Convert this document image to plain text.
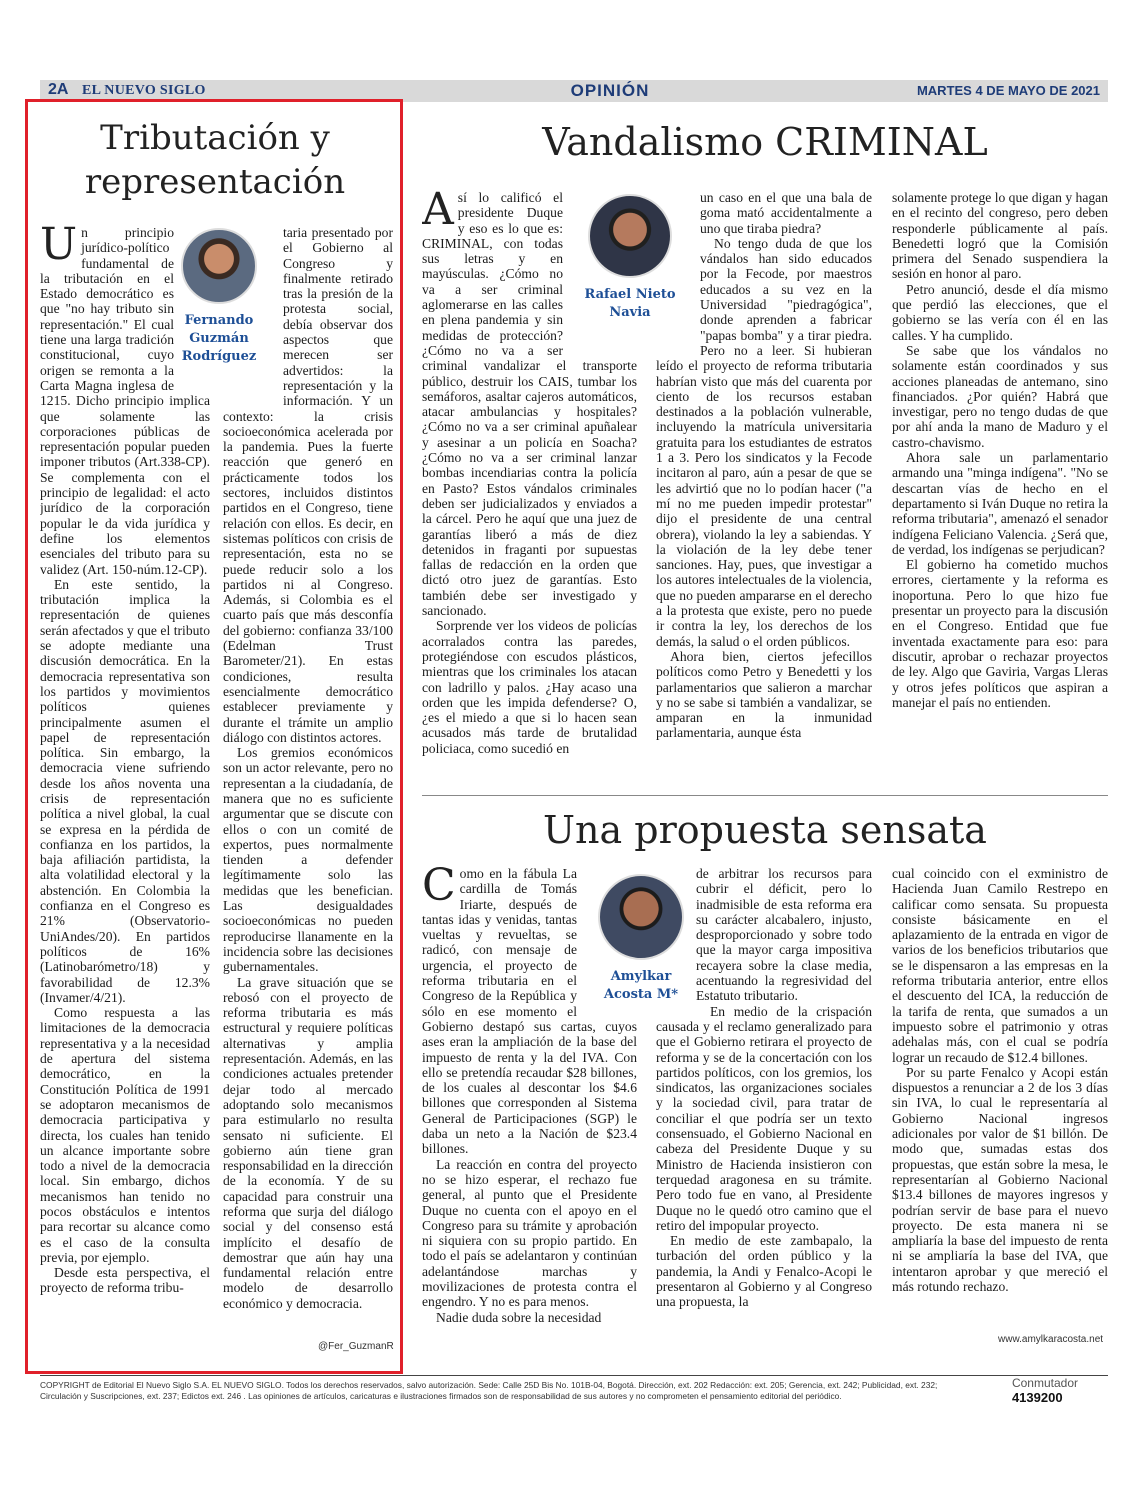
2A EL NUEVO SIGLO	OPINIÓN	MARTES 4 DE MAYO DE 2021
Tributación y
representación
Fernando
Guzmán
Rodríguez

Un principio jurídico-político fundamental de la tributación en el Estado democrático es que "no hay tributo sin representación." El cual tiene una larga tradición constitucional, cuyo origen se remonta a la Carta Magna inglesa de 1215. Dicho principio implica que solamente las corporaciones públicas de representación popular pueden imponer tributos (Art.338-CP). Se complementa con el principio de legalidad: el acto jurídico de la corporación popular le da vida jurídica y define los elementos esenciales del tributo para su validez (Art. 150-núm.12-CP).

En este sentido, la tributación implica la representación de quienes serán afectados y que el tributo se adopte mediante una discusión democrática. En la democracia representativa son los partidos y movimientos políticos quienes principalmente asumen el papel de representación política. Sin embargo, la democracia viene sufriendo desde los años noventa una crisis de representación política a nivel global, la cual se expresa en la pérdida de confianza en los partidos, la baja afiliación partidista, la alta volatilidad electoral y la abstención. En Colombia la confianza en el Congreso es 21% (Observatorio-UniAndes/20). En partidos políticos de 16% (Latinobarómetro/18) y favorabilidad de 12.3% (Invamer/4/21).

Como respuesta a las limitaciones de la democracia representativa y a la necesidad de apertura del sistema democrático, en la Constitución Política de 1991 se adoptaron mecanismos de democracia participativa y directa, los cuales han tenido un alcance importante sobre todo a nivel de la democracia local. Sin embargo, dichos mecanismos han tenido no pocos obstáculos e intentos para recortar su alcance como es el caso de la consulta previa, por ejemplo.

Desde esta perspectiva, el proyecto de reforma tribu-

taria presentado por el Gobierno al Congreso y finalmente retirado tras la presión de la protesta social, debía observar dos aspectos que merecen ser advertidos: la representación y la información. Y un contexto: la crisis socioeconómica acelerada por la pandemia. Pues la fuerte reacción que generó en prácticamente todos los sectores, incluidos distintos partidos en el Congreso, tiene relación con ellos. Es decir, en sistemas políticos con crisis de representación, esta no se puede reducir solo a los partidos ni al Congreso. Además, si Colombia es el cuarto país que más desconfía del gobierno: confianza 33/100 (Edelman Trust Barometer/21). En estas condiciones, resulta esencialmente democrático establecer previamente y durante el trámite un amplio diálogo con distintos actores.

Los gremios económicos son un actor relevante, pero no representan a la ciudadanía, de manera que no es suficiente argumentar que se discute con ellos o con un comité de expertos, pues normalmente tienden a defender legítimamente solo las medidas que les benefician. Las desigualdades socioeconómicas no pueden reproducirse llanamente en la incidencia sobre las decisiones gubernamentales.

La grave situación que se rebosó con el proyecto de reforma tributaria es más estructural y requiere políticas alternativas y amplia representación. Además, en las condiciones actuales pretender dejar todo al mercado adoptando solo mecanismos para estimularlo no resulta sensato ni suficiente. El gobierno aún tiene gran responsabilidad en la dirección de la economía. Y de su capacidad para construir una reforma que surja del diálogo social y del consenso está implícito el desafío de demostrar que aún hay una fundamental relación entre modelo de desarrollo económico y democracia.

@Fer_GuzmanR
Vandalismo CRIMINAL
Rafael Nieto
Navia

Así lo calificó el presidente Duque y eso es lo que es: CRIMINAL, con todas sus letras y en mayúsculas. ¿Cómo no va a ser criminal aglomerarse en las calles en plena pandemia y sin medidas de protección? ¿Cómo no va a ser criminal vandalizar el transporte público, destruir los CAIS, tumbar los semáforos, asaltar cajeros automáticos, atacar ambulancias y hospitales? ¿Cómo no va a ser criminal apuñalear y asesinar a un policía en Soacha? ¿Cómo no va a ser criminal lanzar bombas incendiarias contra la policía en Pasto? Estos vándalos criminales deben ser judicializados y enviados a la cárcel. Pero he aquí que una juez de garantías liberó a más de diez detenidos in fraganti por supuestas fallas de redacción en la orden que dictó otro juez de garantías. Esto también debe ser investigado y sancionado.

Sorprende ver los videos de policías acorralados contra las paredes, protegiéndose con escudos plásticos, mientras que los criminales los atacan con ladrillo y palos. ¿Hay acaso una orden que les impida defenderse? O, ¿es el miedo a que si lo hacen sean acusados más tarde de brutalidad policiaca, como sucedió en

un caso en el que una bala de goma mató accidentalmente a uno que tiraba piedra?

No tengo duda de que los vándalos han sido educados por la Fecode, por maestros educados a su vez en la Universidad "piedragógica", donde aprenden a fabricar "papas bomba" y a tirar piedra. Pero no a leer. Si hubieran leído el proyecto de reforma tributaria habrían visto que más del cuarenta por ciento de los recursos estaban destinados a la población vulnerable, incluyendo la matrícula universitaria gratuita para los estudiantes de estratos 1 a 3. Pero los sindicatos y la Fecode incitaron al paro, aún a pesar de que se les advirtió que no lo podían hacer ("a mí no me pueden impedir protestar" dijo el presidente de una central obrera), violando la ley a sabiendas. Y la violación de la ley debe tener sanciones. Hay, pues, que investigar a los autores intelectuales de la violencia, que no pueden ampararse en el derecho a la protesta que existe, pero no puede ir contra la ley, los derechos de los demás, la salud o el orden públicos.

Ahora bien, ciertos jefecillos políticos como Petro y Benedetti y los parlamentarios que salieron a marchar y no se sabe si también a vandalizar, se amparan en la inmunidad parlamentaria, aunque ésta

solamente protege lo que digan y hagan en el recinto del congreso, pero deben responderle públicamente al país. Benedetti logró que la Comisión primera del Senado suspendiera la sesión en honor al paro.

Petro anunció, desde el día mismo que perdió las elecciones, que el gobierno se las vería con él en las calles. Y ha cumplido.

Se sabe que los vándalos no solamente están coordinados y sus acciones planeadas de antemano, sino financiados. ¿Por quién? Habrá que investigar, pero no tengo dudas de que por ahí anda la mano de Maduro y el castro-chavismo.

Ahora sale un parlamentario armando una "minga indígena". "No se descartan vías de hecho en el departamento si Iván Duque no retira la reforma tributaria", amenazó el senador indígena Feliciano Valencia. ¿Será que, de verdad, los indígenas se perjudican?

El gobierno ha cometido muchos errores, ciertamente y la reforma es inoportuna. Pero lo que hizo fue presentar un proyecto para la discusión en el Congreso. Entidad que fue inventada exactamente para eso: para discutir, aprobar o rechazar proyectos de ley. Algo que Gaviria, Vargas Lleras y otros jefes políticos que aspiran a manejar el país no entienden.

Una propuesta sensata
Amylkar
Acosta M*

Como en la fábula La cardilla de Tomás Iriarte, después de tantas idas y venidas, tantas vueltas y revueltas, se radicó, con mensaje de urgencia, el proyecto de reforma tributaria en el Congreso de la República y sólo en ese momento el Gobierno destapó sus cartas, cuyos ases eran la ampliación de la base del impuesto de renta y la del IVA. Con ello se pretendía recaudar $28 billones, de los cuales al descontar los $4.6 billones que corresponden al Sistema General de Participaciones (SGP) le daba un neto a la Nación de $23.4 billones.

La reacción en contra del proyecto no se hizo esperar, el rechazo fue general, al punto que el Presidente Duque no cuenta con el apoyo en el Congreso para su trámite y aprobación ni siquiera con su propio partido. En todo el país se adelantaron y continúan adelantándose marchas y movilizaciones de protesta contra el engendro. Y no es para menos.

Nadie duda sobre la necesidad

de arbitrar los recursos para cubrir el déficit, pero lo inadmisible de esta reforma era su carácter alcabalero, injusto, desproporcionado y sobre todo que la mayor carga impositiva recayera sobre la clase media, acentuando la regresividad del Estatuto tributario.

En medio de la crispación causada y el reclamo generalizado para que el Gobierno retirara el proyecto de reforma y se de la concertación con los partidos políticos, con los gremios, los sindicatos, las organizaciones sociales y la sociedad civil, para tratar de conciliar el que podría ser un texto consensuado, el Gobierno Nacional en cabeza del Presidente Duque y su Ministro de Hacienda insistieron con terquedad aragonesa en su trámite. Pero todo fue en vano, al Presidente Duque no le quedó otro camino que el retiro del impopular proyecto.

En medio de este zambapalo, la turbación del orden público y la pandemia, la Andi y Fenalco-Acopi le presentaron al Gobierno y al Congreso una propuesta, la

cual coincido con el exministro de Hacienda Juan Camilo Restrepo en calificar como sensata. Su propuesta consiste básicamente en el aplazamiento de la entrada en vigor de varios de los beneficios tributarios que se le dispensaron a las empresas en la reforma tributaria anterior, entre ellos el descuento del ICA, la reducción de la tarifa de renta, que sumados a un impuesto sobre el patrimonio y otras adehalas más, con el cual se podría lograr un recaudo de $12.4 billones.

Por su parte Fenalco y Acopi están dispuestos a renunciar a 2 de los 3 días sin IVA, lo cual le representaría al Gobierno Nacional ingresos adicionales por valor de $1 billón. De modo que, sumadas estas dos propuestas, que están sobre la mesa, le representarían al Gobierno Nacional $13.4 billones de mayores ingresos y podrían servir de base para el nuevo proyecto. De esta manera ni se ampliaría la base del impuesto de renta ni se ampliaría la base del IVA, que intentaron aprobar y que mereció el más rotundo rechazo.

www.amylkaracosta.net
COPYRIGHT de Editorial El Nuevo Siglo S.A. EL NUEVO SIGLO. Todos los derechos reservados, salvo autorización. Sede: Calle 25D Bis No. 101B-04, Bogotá. Dirección, ext. 202 Redacción: ext. 205; Gerencia, ext. 242; Publicidad, ext. 232;
Circulación y Suscripciones, ext. 237; Edictos ext. 246 . Las opiniones de artículos, caricaturas e ilustraciones firmados son de responsabilidad de sus autores y no comprometen el pensamiento editorial del periódico.
Conmutador
4139200
